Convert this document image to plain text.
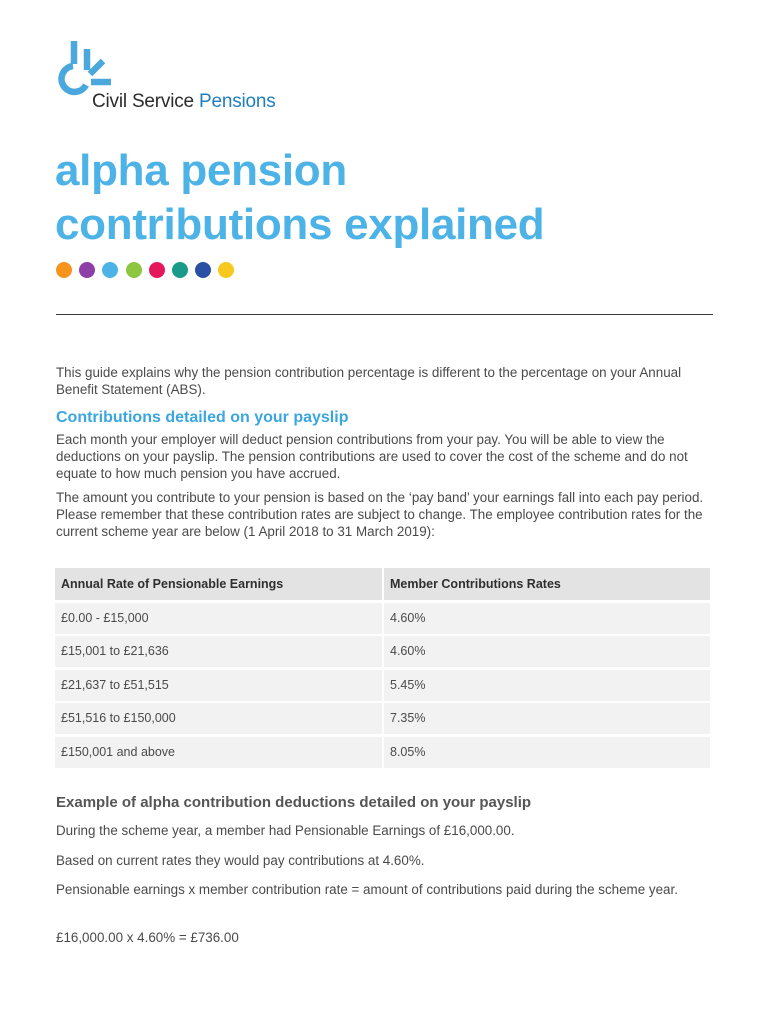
Civil Service Pensions
alpha pension
contributions explained
This guide explains why the pension contribution percentage is different to the percentage on your Annual Benefit Statement (ABS).
Contributions detailed on your payslip
Each month your employer will deduct pension contributions from your pay. You will be able to view the deductions on your payslip. The pension contributions are used to cover the cost of the scheme and do not equate to how much pension you have accrued.
The amount you contribute to your pension is based on the ‘pay band’ your earnings fall into each pay period. Please remember that these contribution rates are subject to change. The employee contribution rates for the current scheme year are below (1 April 2018 to 31 March 2019):
Annual Rate of Pensionable Earnings	Member Contributions Rates
£0.00 - £15,000	4.60%
£15,001 to £21,636	4.60%
£21,637 to £51,515	5.45%
£51,516 to £150,000	7.35%
£150,001 and above	8.05%
Example of alpha contribution deductions detailed on your payslip
During the scheme year, a member had Pensionable Earnings of £16,000.00.
Based on current rates they would pay contributions at 4.60%.
Pensionable earnings x member contribution rate = amount of contributions paid during the scheme year.
£16,000.00 x 4.60% = £736.00
